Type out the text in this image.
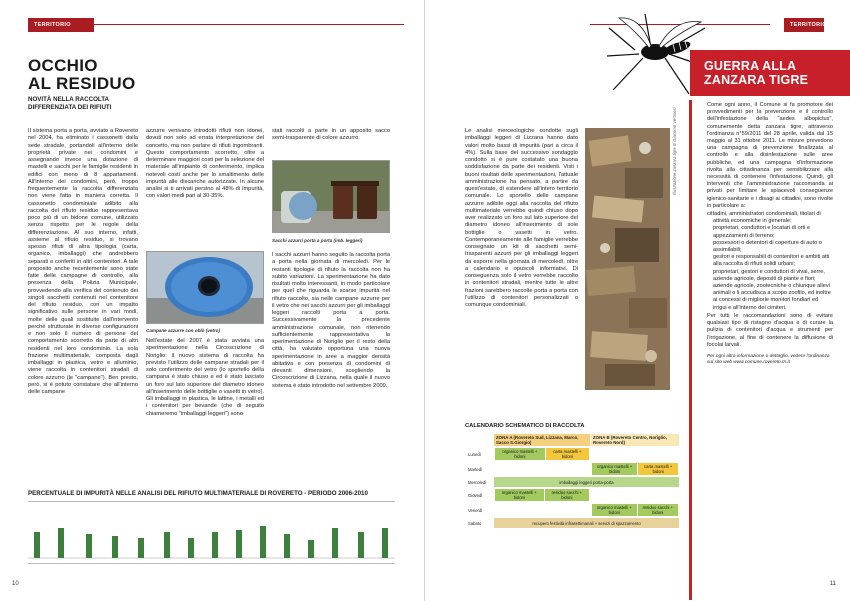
TERRITORIO
OCCHIO
AL RESIDUO
NOVITÀ NELLA RACCOLTA DIFFERENZIATA DEI RIFIUTI
Il sistema porta a porta, avviato a Rovereto nel 2004, ha eliminato i cassonetti dalla sede stradale, portandoli all'interno delle proprietà private nei condomini e assegnando invece una dotazione di mastelli e sacchi per le famiglie residenti in edifici con meno di 8 appartamenti. All'interno dei condomini, però, troppo frequentemente la raccolta differenziata non viene fatta in maniera corretta. Il cassonetto condominiale adibito alla raccolta del rifiuto residuo rappresentava poco più di un bidone comune, utilizzato senza rispetto per le regole della differenziazione. Al suo interno, infatti, assieme al rifiuto residuo, si trovano spesso rifiuti di altra tipologia (carta, organico, imballaggi) che andrebbero separati e conferiti in altri contenitori. A tale proposito anche recentemente sono state fatte delle campagne di controllo, alla presenza della Polizia Municipale, provvedendo alla verifica del contenuto dei singoli sacchetti contenuti nel contenitore del rifiuto residuo, con un impatto significativo sulle persone in vari modi, molte delle quali sostituite dall'intervento perché strutturate in diverse configurazioni e non solo il numero di persone del comportamento scorretto da parte di altri residenti nel loro condominio. La sola frazione multimateriale, composta dagli imballaggi in plastica, vetro e alluminio, viene raccolta in contenitori stradali di colore azzurro (le "campane"). Ben presto, però, si è potuto constatare che all'interno delle campane
azzurre venivano introdotti rifiuti non idonei, dovuti non solo ad errata interpretazione del concetto, ma non parlare di rifiuti ingombranti. Questo comportamento scorretto, oltre a determinare maggiori costi per la selezione del materiale all'impianto di conferimento, implica notevoli costi anche per lo smaltimento delle impurità alle discariche autorizzate. In alcune analisi si è arrivati persino al 48% di impurità, con valori medi pari al 30-35%.
Campane azzurre con oblò (vetro)
Nell'estate del 2007 è stata avviata una sperimentazione nella Circoscrizione di Noriglio: il nuovo sistema di raccolta ha previsto l'utilizzo delle campane stradali per il solo conferimento del vetro (lo sportello della campana è stato chiuso e ed è stato lasciato un foro sul lato superiore del diametro idoneo all'inserimento delle bottiglie o vasetti in vetro). Gli imballaggi in plastica, le lattine, i metalli ed i contenitori per bevande (che di seguito chiameremo "imballaggi leggeri") sono
stati raccolti a parte in un apposito sacco semi-trasparente di colore azzurro.
Sacchi azzurri porta a porta (imb. leggeri)
I sacchi azzurri hanno seguito la raccolta porta a porta nella giornata di mercoledì. Per le restanti tipologie di rifiuto la raccolta non ha subito variazioni. La sperimentazione ha dato risultati molto interessanti, in modo particolare per quel che riguarda le scarse impurità nel rifiuto raccolto, sia nelle campane azzurre per il vetro che nei sacchi azzurri per gli imballaggi leggeri raccolti porta a porta. Successivamente la precedente amministrazione comunale, non ritenendo sufficientemente rappresentativa la sperimentazione di Noriglio per il resto della città, ha valutato opportuna una nuova sperimentazione in aree a maggior densità abitativa e con presenza di condomini di rilevanti dimensioni, scegliendo la Circoscrizione di Lizzana, nella quale il nuovo sistema è stato introdotto nel settembre 2009.
PERCENTUALE DI IMPURITÀ NELLE ANALISI DEL RIFIUTO MULTIMATERIALE DI ROVERETO - PERIODO 2006-2010
10
TERRITORIO
Le analisi merceologiche condotte sugli imballaggi leggeri di Lizzana hanno dato valori molto bassi di impurità (pari a circa il 4%). Sulla base del successivo sondaggio condotto si è pure costatato una buona soddisfazione da parte dei residenti. Visti i buoni risultati delle sperimentazioni, l'attuale amministrazione ha pensato, a partire da quest'estate, di estendere all'intero territorio comunale. Lo sportello delle campane azzurre adibite oggi alla raccolta del rifiuto multimateriale verrebbe quindi chiuso dopo aver realizzato un foro sul lato superiore del diametro idoneo all'inserimento di sole bottiglie o vasetti in vetro. Contemporaneamente alle famiglie verrebbe consegnato un kit di sacchetti semi-trasparenti azzurri per gli imballaggi leggeri da esporre nella giornata di mercoledì, oltre a calendario e opuscoli informativi. Di conseguenza solo il vetro verrebbe raccolto in contenitori stradali, mentre tutte le altre frazioni sarebbero raccolte porta a porta con l'utilizzo di contenitori personalizzati o comunque condominiali.
Illustrazione zanzara tigre di Giacomo Veronesi
GUERRA ALLA
ZANZARA TIGRE
Come ogni anno, il Comune si fa promotore dei provvedimenti per la prevenzione e il controllo dell'infestazione della "aedes albopictus", comunemente detta zanzara tigre, attraverso l'ordinanza n°59/2011 del 28 aprile, valida dal 15 maggio al 31 ottobre 2011. Le misure prevedono una campagna di prevenzione finalizzata al controllo e alla disinfestazione sulle aree pubbliche, ed una campagna d'informazione rivolta alla cittadinanza per sensibilizzare alla necessità di contenere l'infestazione. Quindi, gli interventi che l'amministrazione raccomanda ai privati per limitare le spiacevoli conseguenze igienico-sanitarie e i disagi ai cittadini, sono rivolte in particolare a:
cittadini, amministratori condominiali, titolari di attività economiche in generale;
proprietari, conduttori e locatari di orti e appezzamenti di terreno;
possessori o detentori di coperture di auto o assimilabili;
gestori e responsabili di contenitori e ambiti atti alla raccolta di rifiuti solidi urbani;
proprietari, gestori e conduttori di vivai, serre, aziende agricole, depositi di piante e fiori;
aziende agricole, zootecniche o chiunque allevi animali o li accudisca a scopo zoofilo, ed inoltre ai concessi di migliorie monitori fondiari ed irrigui e all'interno dei cimiteri.
Per tutti le raccomandazioni sono di evitare qualsiasi tipo di ristagno d'acqua e di curare la pulizia di contenitori d'acqua e strumenti per l'irrigazione, al fine di contenere la diffusione di focolai larvali.
Per ogni altra informazione o dettaglio, vedere l'ordinanza sul sito web www.comune.rovereto.tn.it
CALENDARIO SCHEMATICO DI RACCOLTA
	ZONA A (Rovereto Sud, Lizzana, Marco, Sacco S.Giorgio)	ZONA B (Rovereto Centro, Noriglio, Rovereto Nord)
Lunedì		organico mastelli + bidoni	carta mastelli + bidoni

Martedì			organico mastelli + bidoni	carta mastelli + bidoni

Mercoledì	imballaggi leggeri porta-porta
Giovedì		organico mastelli + bidoni	residuo sacchi + bidoni

Venerdì			organico mastelli + bidoni	residuo sacchi + bidoni

Sabato	recupero festività infrasettimanali + servizi di spazzamento
11
